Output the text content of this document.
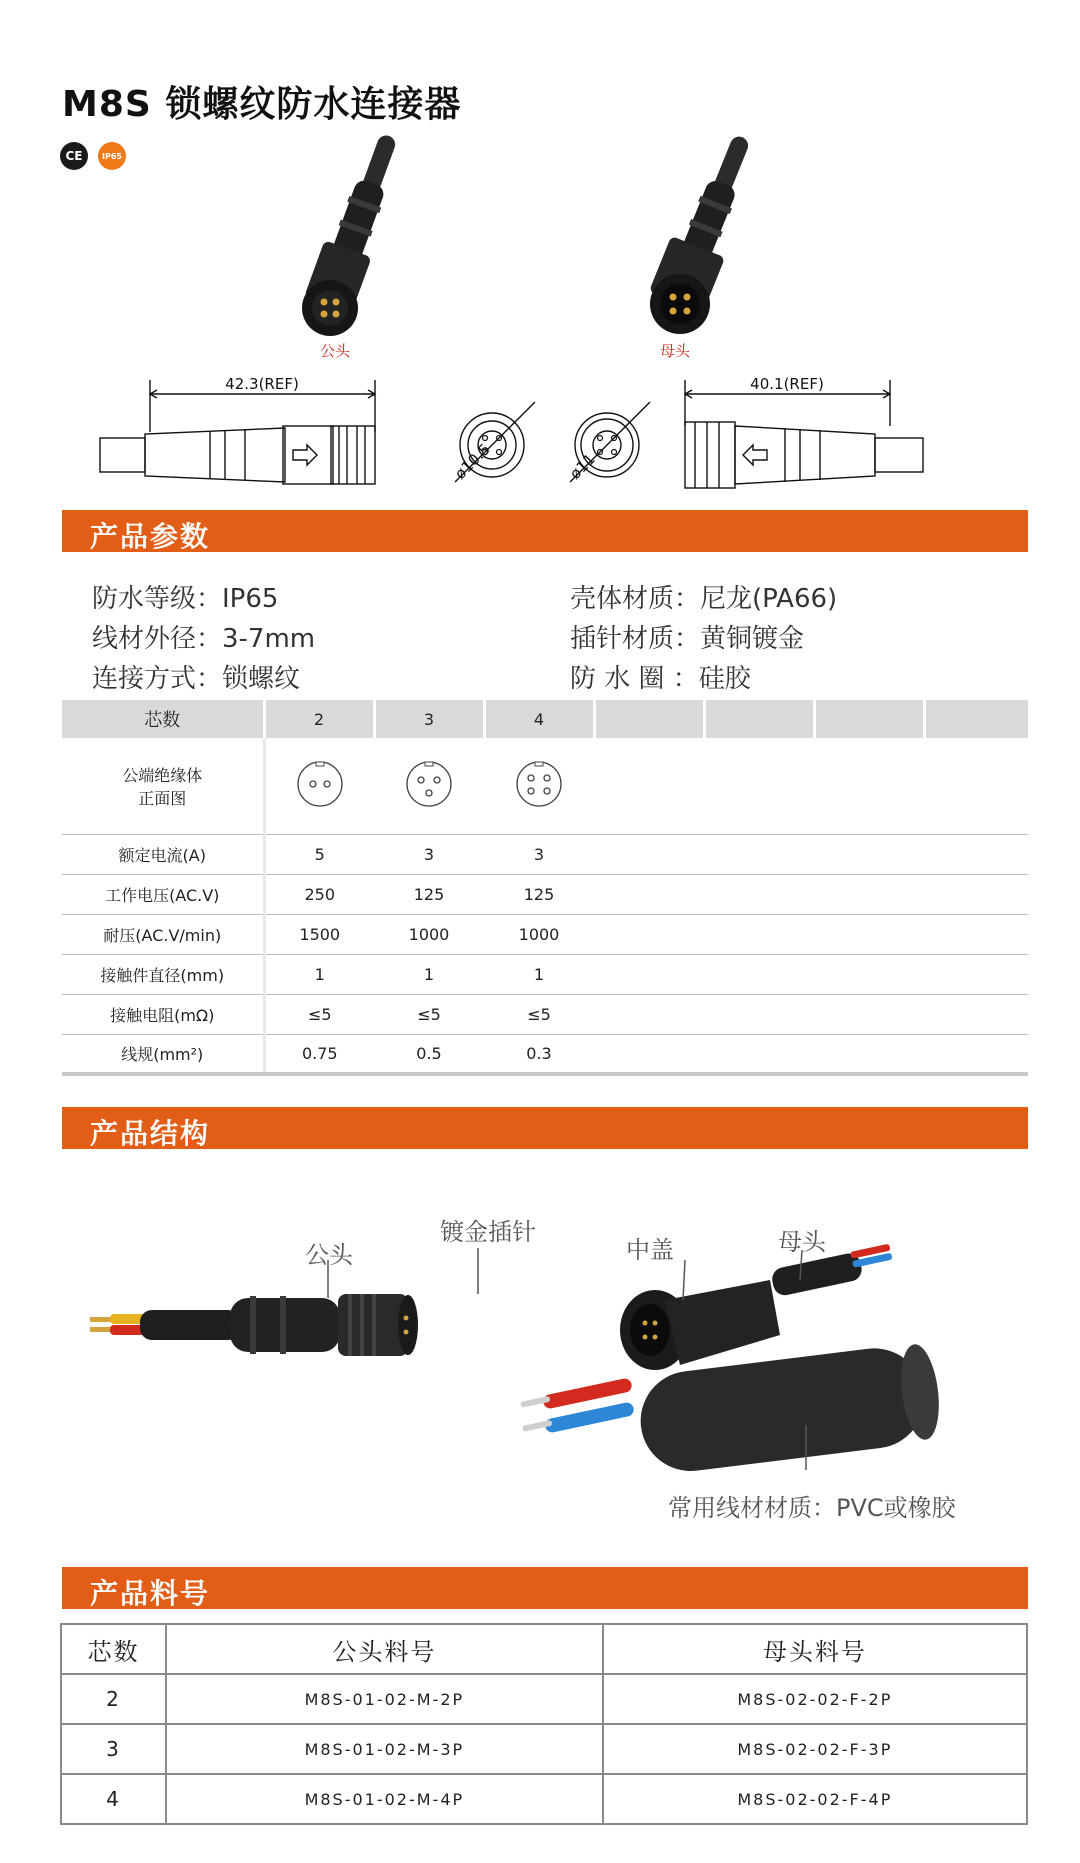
M8S 锁螺纹防水连接器
CE	IP65
公头	母头
42.3(REF)	40.1(REF)
ø10.5	ø11
产品参数
防水等级：IP65
线材外径：3-7mm
连接方式：锁螺纹
壳体材质：尼龙(PA66)
插针材质：黄铜镀金
防 水 圈 ：硅胶
芯数	2	3	4				
公端绝缘体
正面图							
额定电流(A)	5	3	3				
工作电压(AC.V)	250	125	125				
耐压(AC.V/min)	1500	1000	1000				
接触件直径(mm)	1	1	1				
接触电阻(mΩ)	≤5	≤5	≤5				
线规(mm²)	0.75	0.5	0.3				
产品结构
公头
镀金插针
中盖	母头
常用线材材质：PVC或橡胶
产品料号
芯数	公头料号	母头料号
2	M8S-01-02-M-2P	M8S-02-02-F-2P
3	M8S-01-02-M-3P	M8S-02-02-F-3P
4	M8S-01-02-M-4P	M8S-02-02-F-4P
